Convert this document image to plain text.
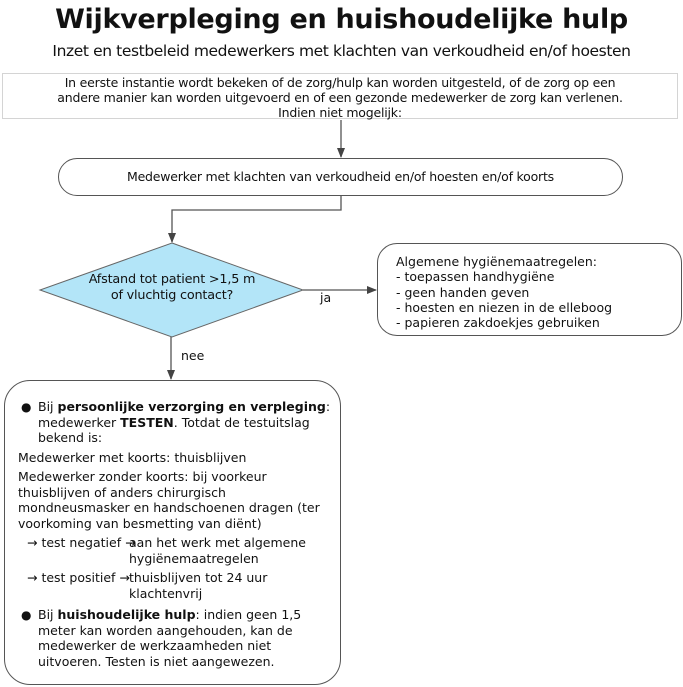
Wijkverpleging en huishoudelijke hulp
Inzet en testbeleid medewerkers met klachten van verkoudheid en/of hoesten
In eerste instantie wordt bekeken of de zorg/hulp kan worden uitgesteld, of de zorg op een
andere manier kan worden uitgevoerd en of een gezonde medewerker de zorg kan verlenen.
Indien niet mogelijk:
Medewerker met klachten van verkoudheid en/of hoesten en/of koorts
Afstand tot patient >1,5 m
of vluchtig contact?	ja
nee
Algemene hygiënemaatregelen:
- toepassen handhygiëne
- geen handen geven
- hoesten en niezen in de elleboog
- papieren zakdoekjes gebruiken
● Bij persoonlijke verzorging en verpleging: medewerker TESTEN. Totdat de testuitslag bekend is:
Medewerker met koorts: thuisblijven
Medewerker zonder koorts: bij voorkeur thuisblijven of anders chirurgisch mondneusmasker en handschoenen dragen (ter voorkoming van besmetting van diënt)
→ test negatief →
aan het werk met algemene hygiënemaatregelen
→ test positief → thuisblijven tot 24 uur klachtenvrij
● Bij huishoudelijke hulp: indien geen 1,5 meter kan worden aangehouden, kan de medewerker de werkzaamheden niet uitvoeren. Testen is niet aangewezen.
